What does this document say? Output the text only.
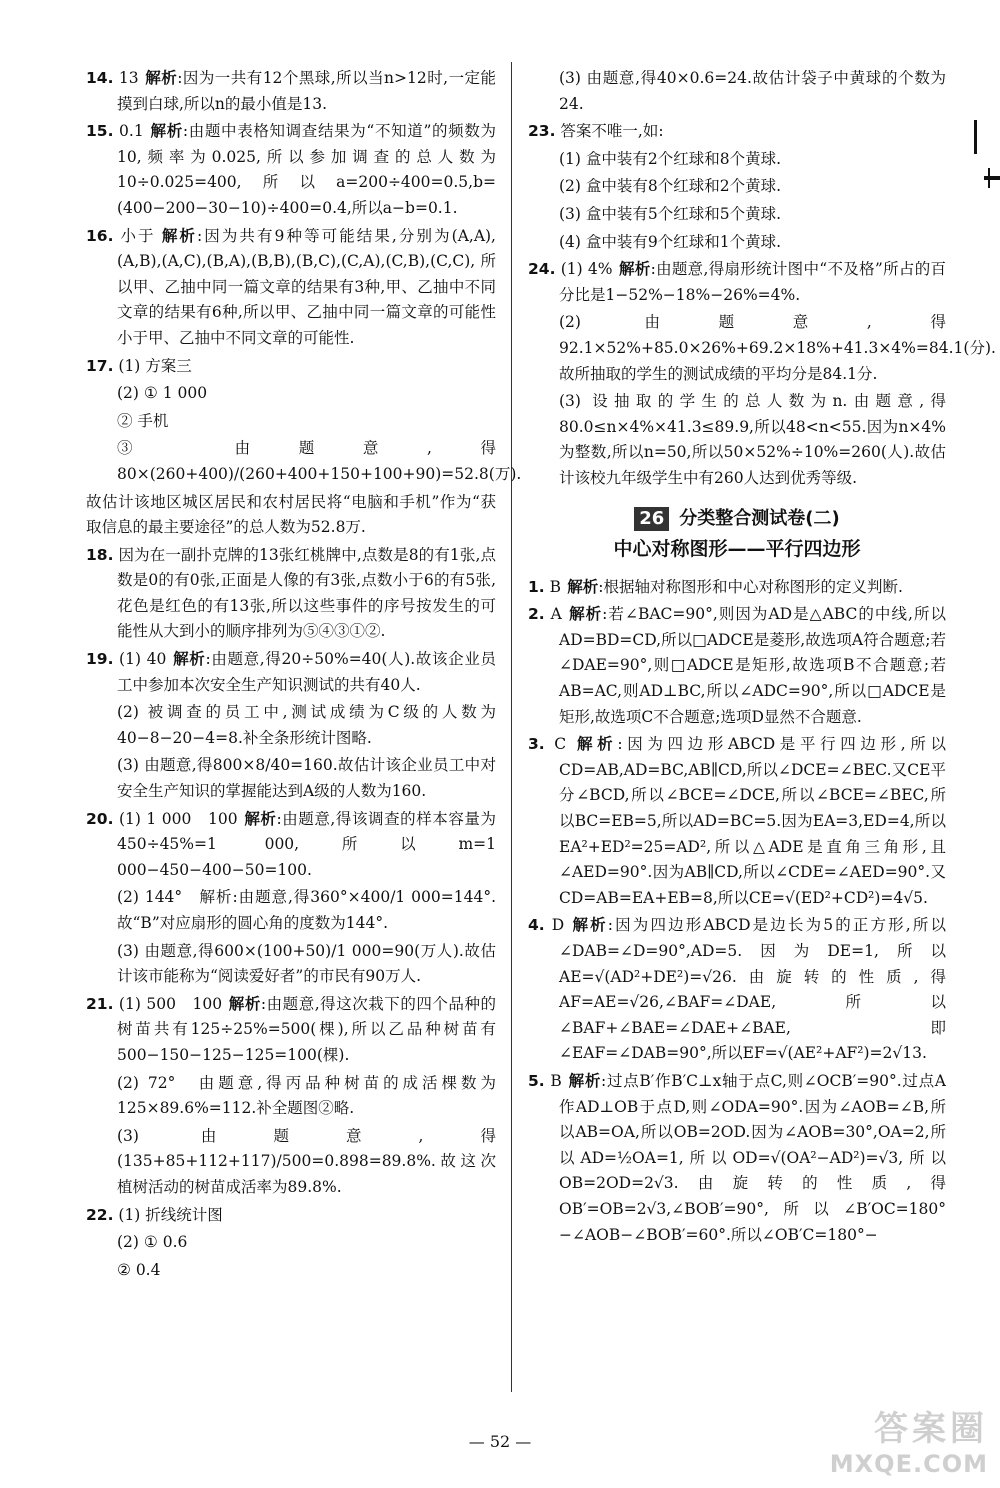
14. 13 解析:因为一共有12个黑球,所以当n>12时,一定能摸到白球,所以n的最小值是13.

15. 0.1 解析:由题中表格知调查结果为“不知道”的频数为10,频率为0.025,所以参加调查的总人数为10÷0.025=400,所以a=200÷400=0.5,b=(400−200−30−10)÷400=0.4,所以a−b=0.1.

16. 小于 解析:因为共有9种等可能结果,分别为(A,A),(A,B),(A,C),(B,A),(B,B),(B,C),(C,A),(C,B),(C,C),所以甲、乙抽中同一篇文章的结果有3种,甲、乙抽中不同文章的结果有6种,所以甲、乙抽中同一篇文章的可能性小于甲、乙抽中不同文章的可能性.

17. (1) 方案三

(2) ① 1 000

② 手机

③ 由题意,得80×(260+400)/(260+400+150+100+90)=52.8(万).

故估计该地区城区居民和农村居民将“电脑和手机”作为“获取信息的最主要途径”的总人数为52.8万.

18. 因为在一副扑克牌的13张红桃牌中,点数是8的有1张,点数是0的有0张,正面是人像的有3张,点数小于6的有5张,花色是红色的有13张,所以这些事件的序号按发生的可能性从大到小的顺序排列为⑤④③①②.

19. (1) 40 解析:由题意,得20÷50%=40(人).故该企业员工中参加本次安全生产知识测试的共有40人.

(2) 被调查的员工中,测试成绩为C级的人数为40−8−20−4=8.补全条形统计图略.

(3) 由题意,得800×8/40=160.故估计该企业员工中对安全生产知识的掌握能达到A级的人数为160.

20. (1) 1 000　100 解析:由题意,得该调查的样本容量为450÷45%=1 000,所以m=1 000−450−400−50=100.

(2) 144°　解析:由题意,得360°×400/1 000=144°.故“B”对应扇形的圆心角的度数为144°.

(3) 由题意,得600×(100+50)/1 000=90(万人).故估计该市能称为“阅读爱好者”的市民有90万人.

21. (1) 500　100 解析:由题意,得这次栽下的四个品种的树苗共有125÷25%=500(棵),所以乙品种树苗有500−150−125−125=100(棵).

(2) 72°　由题意,得丙品种树苗的成活棵数为125×89.6%=112.补全题图②略.

(3) 由题意,得(135+85+112+117)/500=0.898=89.8%.故这次植树活动的树苗成活率为89.8%.

22. (1) 折线统计图

(2) ① 0.6

② 0.4

(3) 由题意,得40×0.6=24.故估计袋子中黄球的个数为24.

23. 答案不唯一,如:

(1) 盒中装有2个红球和8个黄球.

(2) 盒中装有8个红球和2个黄球.

(3) 盒中装有5个红球和5个黄球.

(4) 盒中装有9个红球和1个黄球.

24. (1) 4% 解析:由题意,得扇形统计图中“不及格”所占的百分比是1−52%−18%−26%=4%.

(2) 由题意,得92.1×52%+85.0×26%+69.2×18%+41.3×4%=84.1(分).故所抽取的学生的测试成绩的平均分是84.1分.

(3) 设抽取的学生的总人数为n.由题意,得80.0≤n×4%×41.3≤89.9,所以48<n<55.因为n×4%为整数,所以n=50,所以50×52%÷10%=260(人).故估计该校九年级学生中有260人达到优秀等级.

26 分类整合测试卷(二)
中心对称图形——平行四边形

1. B 解析:根据轴对称图形和中心对称图形的定义判断.

2. A 解析:若∠BAC=90°,则因为AD是△ABC的中线,所以AD=BD=CD,所以□ADCE是菱形,故选项A符合题意;若∠DAE=90°,则□ADCE是矩形,故选项B不合题意;若AB=AC,则AD⊥BC,所以∠ADC=90°,所以□ADCE是矩形,故选项C不合题意;选项D显然不合题意.

3. C 解析:因为四边形ABCD是平行四边形,所以CD=AB,AD=BC,AB∥CD,所以∠DCE=∠BEC.又CE平分∠BCD,所以∠BCE=∠DCE,所以∠BCE=∠BEC,所以BC=EB=5,所以AD=BC=5.因为EA=3,ED=4,所以EA²+ED²=25=AD²,所以△ADE是直角三角形,且∠AED=90°.因为AB∥CD,所以∠CDE=∠AED=90°.又CD=AB=EA+EB=8,所以CE=√(ED²+CD²)=4√5.

4. D 解析:因为四边形ABCD是边长为5的正方形,所以∠DAB=∠D=90°,AD=5.因为DE=1,所以AE=√(AD²+DE²)=√26.由旋转的性质,得AF=AE=√26,∠BAF=∠DAE,所以∠BAF+∠BAE=∠DAE+∠BAE,即∠EAF=∠DAB=90°,所以EF=√(AE²+AF²)=2√13.

5. B 解析:过点B′作B′C⊥x轴于点C,则∠OCB′=90°.过点A作AD⊥OB于点D,则∠ODA=90°.因为∠AOB=∠B,所以AB=OA,所以OB=2OD.因为∠AOB=30°,OA=2,所以AD=½OA=1,所以OD=√(OA²−AD²)=√3,所以OB=2OD=2√3.由旋转的性质,得OB′=OB=2√3,∠BOB′=90°,所以∠B′OC=180°−∠AOB−∠BOB′=60°.所以∠OB′C=180°−

— 52 —	答案圈
MXQE.COM
